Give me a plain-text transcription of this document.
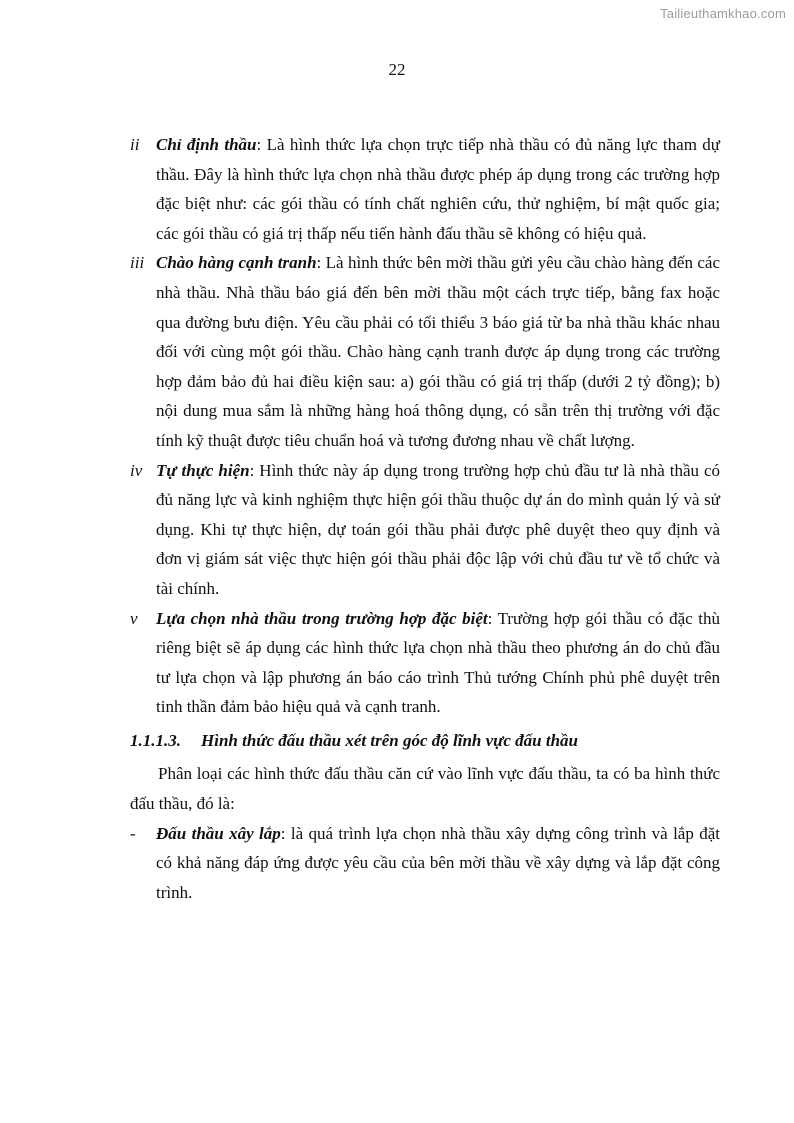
Tailieuthamkhao.com
22
ii Chỉ định thầu: Là hình thức lựa chọn trực tiếp nhà thầu có đủ năng lực tham dự thầu. Đây là hình thức lựa chọn nhà thầu được phép áp dụng trong các trường hợp đặc biệt như: các gói thầu có tính chất nghiên cứu, thử nghiệm, bí mật quốc gia; các gói thầu có giá trị thấp nếu tiến hành đấu thầu sẽ không có hiệu quả.
iii Chào hàng cạnh tranh: Là hình thức bên mời thầu gửi yêu cầu chào hàng đến các nhà thầu. Nhà thầu báo giá đến bên mời thầu một cách trực tiếp, bằng fax hoặc qua đường bưu điện. Yêu cầu phải có tối thiểu 3 báo giá từ ba nhà thầu khác nhau đối với cùng một gói thầu. Chào hàng cạnh tranh được áp dụng trong các trường hợp đảm bảo đủ hai điều kiện sau: a) gói thầu có giá trị thấp (dưới 2 tỷ đồng); b) nội dung mua sắm là những hàng hoá thông dụng, có sẵn trên thị trường với đặc tính kỹ thuật được tiêu chuẩn hoá và tương đương nhau về chất lượng.
iv Tự thực hiện: Hình thức này áp dụng trong trường hợp chủ đầu tư là nhà thầu có đủ năng lực và kinh nghiệm thực hiện gói thầu thuộc dự án do mình quản lý và sử dụng. Khi tự thực hiện, dự toán gói thầu phải được phê duyệt theo quy định và đơn vị giám sát việc thực hiện gói thầu phải độc lập với chủ đầu tư về tổ chức và tài chính.
v Lựa chọn nhà thầu trong trường hợp đặc biệt: Trường hợp gói thầu có đặc thù riêng biệt sẽ áp dụng các hình thức lựa chọn nhà thầu theo phương án do chủ đầu tư lựa chọn và lập phương án báo cáo trình Thủ tướng Chính phủ phê duyệt trên tinh thần đảm bảo hiệu quả và cạnh tranh.
1.1.1.3. Hình thức đấu thầu xét trên góc độ lĩnh vực đấu thầu
Phân loại các hình thức đấu thầu căn cứ vào lĩnh vực đấu thầu, ta có ba hình thức đấu thầu, đó là:
- Đấu thầu xây lắp: là quá trình lựa chọn nhà thầu xây dựng công trình và lắp đặt có khả năng đáp ứng được yêu cầu của bên mời thầu về xây dựng và lắp đặt công trình.
